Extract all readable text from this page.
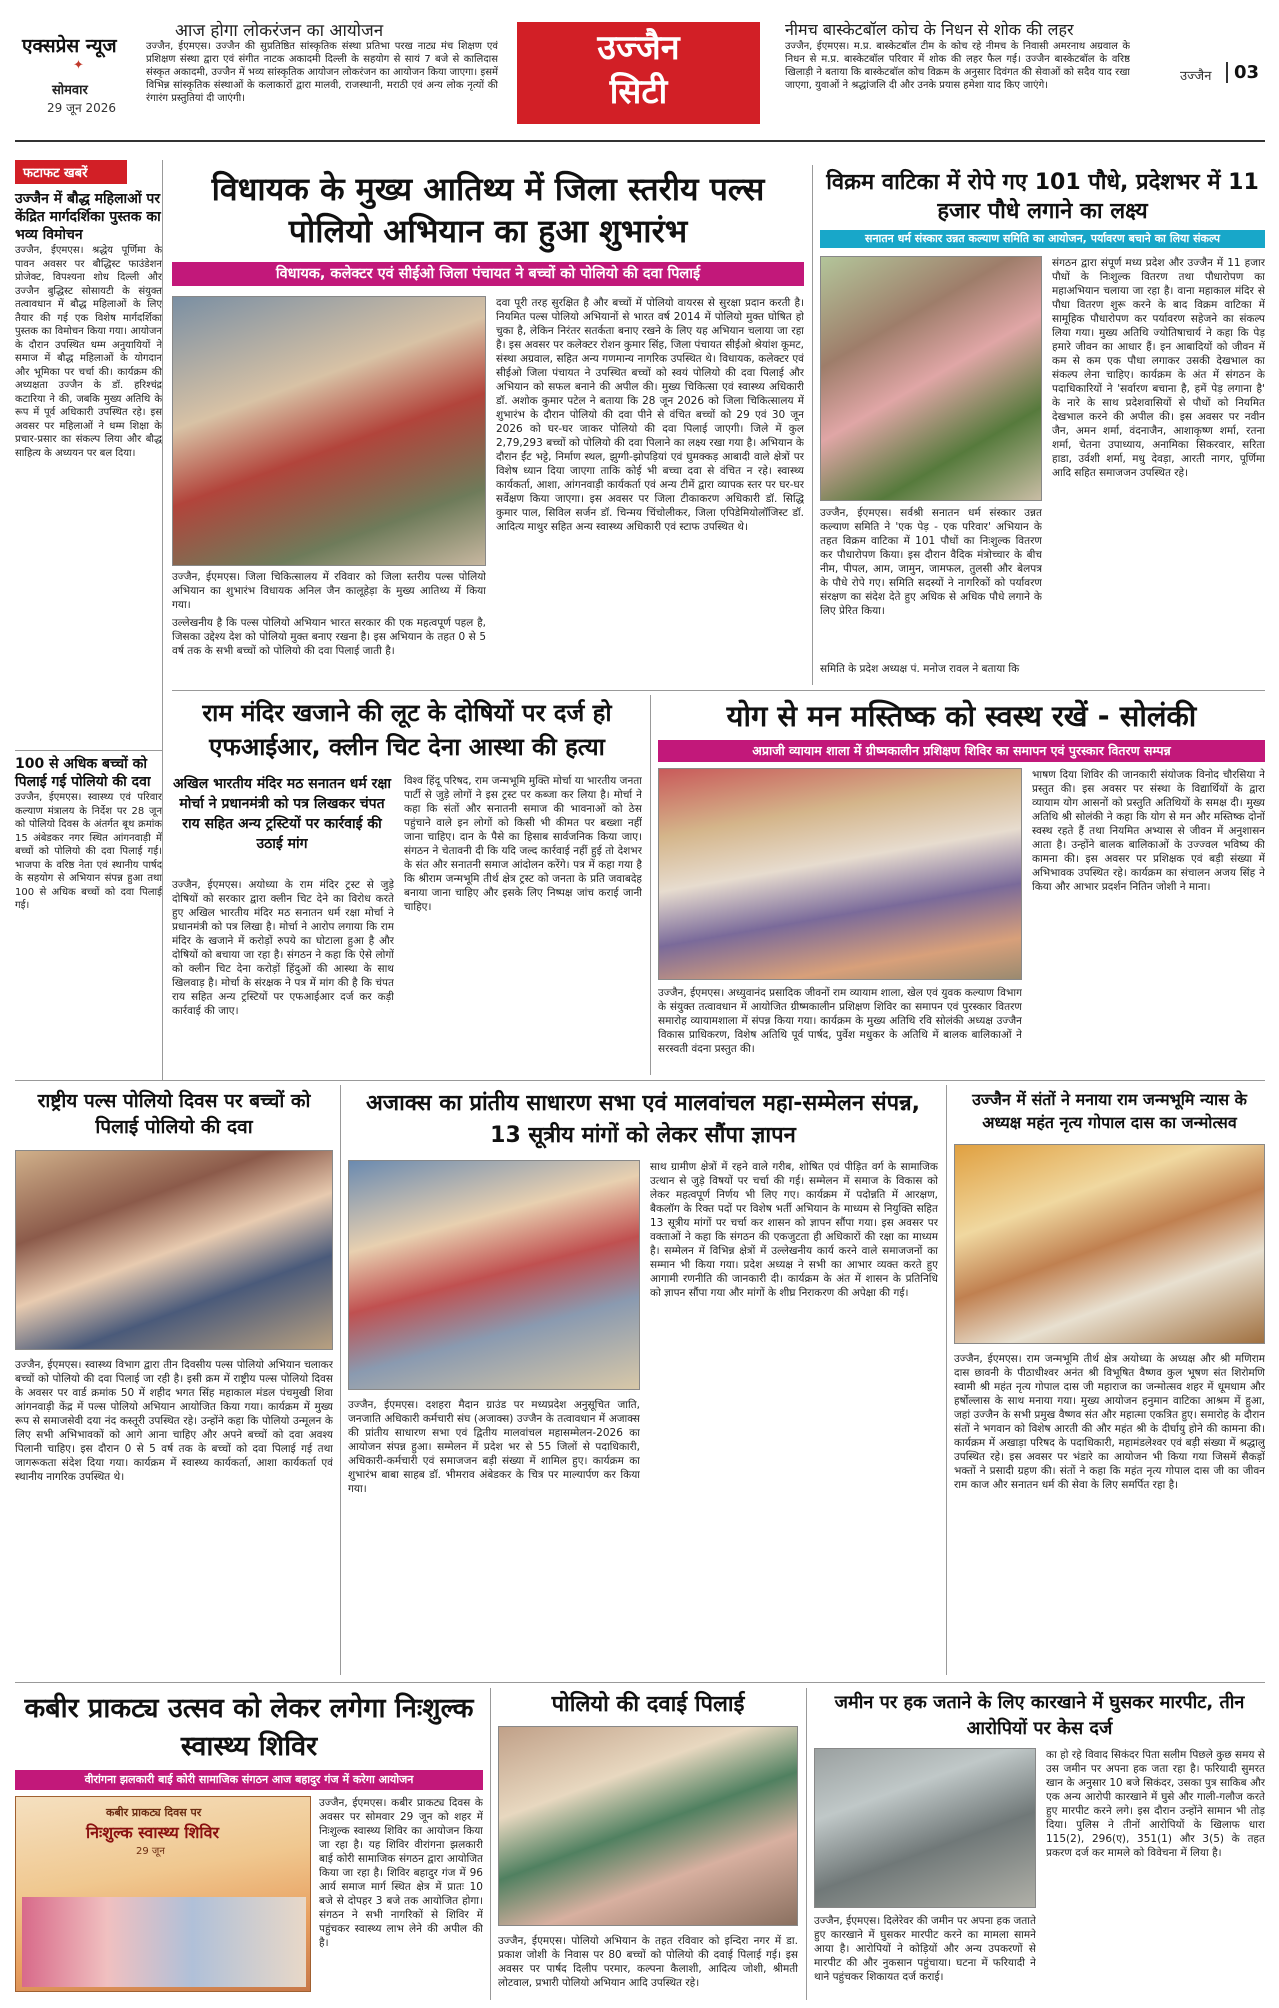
एक्सप्रेस न्यूज
✦
सोमवार
29 जून 2026
आज होगा लोकरंजन का आयोजन
उज्जैन, ईएमएस। उज्जैन की सुप्रतिष्ठित सांस्कृतिक संस्था प्रतिभा परख नाट्य मंच शिक्षण एवं प्रशिक्षण संस्था द्वारा एवं संगीत नाटक अकादमी दिल्ली के सहयोग से सायं 7 बजे से कालिदास संस्कृत अकादमी, उज्जैन में भव्य सांस्कृतिक आयोजन लोकरंजन का आयोजन किया जाएगा। इसमें विभिन्न सांस्कृतिक संस्थाओं के कलाकारों द्वारा मालवी, राजस्थानी, मराठी एवं अन्य लोक नृत्यों की रंगारंग प्रस्तुतियां दी जाएंगी।
उज्जैन
सिटी
नीमच बास्केटबॉल कोच के निधन से शोक की लहर
उज्जैन, ईएमएस। म.प्र. बास्केटबॉल टीम के कोच रहे नीमच के निवासी अमरनाथ अग्रवाल के निधन से म.प्र. बास्केटबॉल परिवार में शोक की लहर फैल गई। उज्जैन बास्केटबॉल के वरिष्ठ खिलाड़ी ने बताया कि बास्केटबॉल कोच विक्रम के अनुसार दिवंगत की सेवाओं को सदैव याद रखा जाएगा, युवाओं ने श्रद्धांजलि दी और उनके प्रयास हमेशा याद किए जाएंगे।
उज्जैन	03
फटाफट खबरें
उज्जैन में बौद्ध महिलाओं पर केंद्रित मार्गदर्शिका पुस्तक का भव्य विमोचन
उज्जैन, ईएमएस। श्रद्धेय पूर्णिमा के पावन अवसर पर बौद्धिस्ट फाउंडेशन प्रोजेक्ट, विपश्यना शोध दिल्ली और उज्जैन बुद्धिस्ट सोसायटी के संयुक्त तत्वावधान में बौद्ध महिलाओं के लिए तैयार की गई एक विशेष मार्गदर्शिका पुस्तक का विमोचन किया गया। आयोजन के दौरान उपस्थित धम्म अनुयायियों ने समाज में बौद्ध महिलाओं के योगदान और भूमिका पर चर्चा की। कार्यक्रम की अध्यक्षता उज्जैन के डॉ. हरिश्चंद्र कटारिया ने की, जबकि मुख्य अतिथि के रूप में पूर्व अधिकारी उपस्थित रहे। इस अवसर पर महिलाओं ने धम्म शिक्षा के प्रचार-प्रसार का संकल्प लिया और बौद्ध साहित्य के अध्ययन पर बल दिया।
100 से अधिक बच्चों को पिलाई गई पोलियो की दवा
उज्जैन, ईएमएस। स्वास्थ्य एवं परिवार कल्याण मंत्रालय के निर्देश पर 28 जून को पोलियो दिवस के अंतर्गत बूथ क्रमांक 15 अंबेडकर नगर स्थित आंगनवाड़ी में बच्चों को पोलियो की दवा पिलाई गई। भाजपा के वरिष्ठ नेता एवं स्थानीय पार्षद के सहयोग से अभियान संपन्न हुआ तथा 100 से अधिक बच्चों को दवा पिलाई गई।
विधायक के मुख्य आतिथ्य में जिला स्तरीय पल्स पोलियो अभियान का हुआ शुभारंभ
विधायक, कलेक्टर एवं सीईओ जिला पंचायत ने बच्चों को पोलियो की दवा पिलाई
उज्जैन, ईएमएस। जिला चिकित्सालय में रविवार को जिला स्तरीय पल्स पोलियो अभियान का शुभारंभ विधायक अनिल जैन कालूहेड़ा के मुख्य आतिथ्य में किया गया।
उल्लेखनीय है कि पल्स पोलियो अभियान भारत सरकार की एक महत्वपूर्ण पहल है, जिसका उद्देश्य देश को पोलियो मुक्त बनाए रखना है। इस अभियान के तहत 0 से 5 वर्ष तक के सभी बच्चों को पोलियो की दवा पिलाई जाती है।
दवा पूरी तरह सुरक्षित है और बच्चों में पोलियो वायरस से सुरक्षा प्रदान करती है। नियमित पल्स पोलियो अभियानों से भारत वर्ष 2014 में पोलियो मुक्त घोषित हो चुका है, लेकिन निरंतर सतर्कता बनाए रखने के लिए यह अभियान चलाया जा रहा है। इस अवसर पर कलेक्टर रोशन कुमार सिंह, जिला पंचायत सीईओ श्रेयांश कूमट, संस्था अग्रवाल, सहित अन्य गणमान्य नागरिक उपस्थित थे। विधायक, कलेक्टर एवं सीईओ जिला पंचायत ने उपस्थित बच्चों को स्वयं पोलियो की दवा पिलाई और अभियान को सफल बनाने की अपील की। मुख्य चिकित्सा एवं स्वास्थ्य अधिकारी डॉ. अशोक कुमार पटेल ने बताया कि 28 जून 2026 को जिला चिकित्सालय में शुभारंभ के दौरान पोलियो की दवा पीने से वंचित बच्चों को 29 एवं 30 जून 2026 को घर-घर जाकर पोलियो की दवा पिलाई जाएगी। जिले में कुल 2,79,293 बच्चों को पोलियो की दवा पिलाने का लक्ष्य रखा गया है। अभियान के दौरान ईंट भट्टे, निर्माण स्थल, झुग्गी-झोपड़ियां एवं घुमक्कड़ आबादी वाले क्षेत्रों पर विशेष ध्यान दिया जाएगा ताकि कोई भी बच्चा दवा से वंचित न रहे। स्वास्थ्य कार्यकर्ता, आशा, आंगनवाड़ी कार्यकर्ता एवं अन्य टीमें द्वारा व्यापक स्तर पर घर-घर सर्वेक्षण किया जाएगा। इस अवसर पर जिला टीकाकरण अधिकारी डॉ. सिद्धि कुमार पाल, सिविल सर्जन डॉ. चिन्मय चिंचोलीकर, जिला एपिडेमियोलॉजिस्ट डॉ. आदित्य माथुर सहित अन्य स्वास्थ्य अधिकारी एवं स्टाफ उपस्थित थे।
विक्रम वाटिका में रोपे गए 101 पौधे, प्रदेशभर में 11 हजार पौधे लगाने का लक्ष्य
सनातन धर्म संस्कार उन्नत कल्याण समिति का आयोजन, पर्यावरण बचाने का लिया संकल्प
उज्जैन, ईएमएस। सर्वश्री सनातन धर्म संस्कार उन्नत कल्याण समिति ने 'एक पेड़ - एक परिवार' अभियान के तहत विक्रम वाटिका में 101 पौधों का निःशुल्क वितरण कर पौधारोपण किया। इस दौरान वैदिक मंत्रोच्चार के बीच नीम, पीपल, आम, जामुन, जामफल, तुलसी और बेलपत्र के पौधे रोपे गए। समिति सदस्यों ने नागरिकों को पर्यावरण संरक्षण का संदेश देते हुए अधिक से अधिक पौधे लगाने के लिए प्रेरित किया।
समिति के प्रदेश अध्यक्ष पं. मनोज रावल ने बताया कि
संगठन द्वारा संपूर्ण मध्य प्रदेश और उज्जैन में 11 हजार पौधों के निःशुल्क वितरण तथा पौधारोपण का महाअभियान चलाया जा रहा है। वाना महाकाल मंदिर से पौधा वितरण शुरू करने के बाद विक्रम वाटिका में सामूहिक पौधारोपण कर पर्यावरण सहेजने का संकल्प लिया गया। मुख्य अतिथि ज्योतिषाचार्य ने कहा कि पेड़ हमारे जीवन का आधार हैं। इन आबादियों को जीवन में कम से कम एक पौधा लगाकर उसकी देखभाल का संकल्प लेना चाहिए। कार्यक्रम के अंत में संगठन के पदाधिकारियों ने 'सर्वारण बचाना है, हमें पेड़ लगाना है' के नारे के साथ प्रदेशवासियों से पौधों को नियमित देखभाल करने की अपील की। इस अवसर पर नवीन जैन, अमन शर्मा, वंदनाजैन, आशाकृष्ण शर्मा, रतना शर्मा, चेतना उपाध्याय, अनामिका सिकरवार, सरिता हाडा, उर्वशी शर्मा, मधु देवड़ा, आरती नागर, पूर्णिमा आदि सहित समाजजन उपस्थित रहे।
राम मंदिर खजाने की लूट के दोषियों पर दर्ज हो एफआईआर, क्लीन चिट देना आस्था की हत्या
अखिल भारतीय मंदिर मठ सनातन धर्म रक्षा मोर्चा ने प्रधानमंत्री को पत्र लिखकर चंपत राय सहित अन्य ट्रस्टियों पर कार्रवाई की उठाई मांग
उज्जैन, ईएमएस। अयोध्या के राम मंदिर ट्रस्ट से जुड़े दोषियों को सरकार द्वारा क्लीन चिट देने का विरोध करते हुए अखिल भारतीय मंदिर मठ सनातन धर्म रक्षा मोर्चा ने प्रधानमंत्री को पत्र लिखा है। मोर्चा ने आरोप लगाया कि राम मंदिर के खजाने में करोड़ों रुपये का घोटाला हुआ है और दोषियों को बचाया जा रहा है। संगठन ने कहा कि ऐसे लोगों को क्लीन चिट देना करोड़ों हिंदुओं की आस्था के साथ खिलवाड़ है। मोर्चा के संरक्षक ने पत्र में मांग की है कि चंपत राय सहित अन्य ट्रस्टियों पर एफआईआर दर्ज कर कड़ी कार्रवाई की जाए।
विश्व हिंदू परिषद, राम जन्मभूमि मुक्ति मोर्चा या भारतीय जनता पार्टी से जुड़े लोगों ने इस ट्रस्ट पर कब्जा कर लिया है। मोर्चा ने कहा कि संतों और सनातनी समाज की भावनाओं को ठेस पहुंचाने वाले इन लोगों को किसी भी कीमत पर बख्शा नहीं जाना चाहिए। दान के पैसे का हिसाब सार्वजनिक किया जाए। संगठन ने चेतावनी दी कि यदि जल्द कार्रवाई नहीं हुई तो देशभर के संत और सनातनी समाज आंदोलन करेंगे। पत्र में कहा गया है कि श्रीराम जन्मभूमि तीर्थ क्षेत्र ट्रस्ट को जनता के प्रति जवाबदेह बनाया जाना चाहिए और इसके लिए निष्पक्ष जांच कराई जानी चाहिए।
योग से मन मस्तिष्क को स्वस्थ रखें - सोलंकी
अप्राजी व्यायाम शाला में ग्रीष्मकालीन प्रशिक्षण शिविर का समापन एवं पुरस्कार वितरण सम्पन्न
उज्जैन, ईएमएस। अध्युवानंद प्रसादिक जीवनों राम व्यायाम शाला, खेल एवं युवक कल्याण विभाग के संयुक्त तत्वावधान में आयोजित ग्रीष्मकालीन प्रशिक्षण शिविर का समापन एवं पुरस्कार वितरण समारोह व्यायामशाला में संपन्न किया गया। कार्यक्रम के मुख्य अतिथि रवि सोलंकी अध्यक्ष उज्जैन विकास प्राधिकरण, विशेष अतिथि पूर्व पार्षद, पुर्वेश मधुकर के अतिथि में बालक बालिकाओं ने सरस्वती वंदना प्रस्तुत की।
भाषण दिया शिविर की जानकारी संयोजक विनोद चौरसिया ने प्रस्तुत की। इस अवसर पर संस्था के विद्यार्थियों के द्वारा व्यायाम योग आसनों को प्रस्तुति अतिथियों के समक्ष दी। मुख्य अतिथि श्री सोलंकी ने कहा कि योग से मन और मस्तिष्क दोनों स्वस्थ रहते हैं तथा नियमित अभ्यास से जीवन में अनुशासन आता है। उन्होंने बालक बालिकाओं के उज्ज्वल भविष्य की कामना की। इस अवसर पर प्रशिक्षक एवं बड़ी संख्या में अभिभावक उपस्थित रहे। कार्यक्रम का संचालन अजय सिंह ने किया और आभार प्रदर्शन नितिन जोशी ने माना।
राष्ट्रीय पल्स पोलियो दिवस पर बच्चों को पिलाई पोलियो की दवा
उज्जैन, ईएमएस। स्वास्थ्य विभाग द्वारा तीन दिवसीय पल्स पोलियो अभियान चलाकर बच्चों को पोलियो की दवा पिलाई जा रही है। इसी क्रम में राष्ट्रीय पल्स पोलियो दिवस के अवसर पर वार्ड क्रमांक 50 में शहीद भगत सिंह महाकाल मंडल पंचमुखी शिवा आंगनवाड़ी केंद्र में पल्स पोलियो अभियान आयोजित किया गया। कार्यक्रम में मुख्य रूप से समाजसेवी दया नंद कस्तूरी उपस्थित रहे। उन्होंने कहा कि पोलियो उन्मूलन के लिए सभी अभिभावकों को आगे आना चाहिए और अपने बच्चों को दवा अवश्य पिलानी चाहिए। इस दौरान 0 से 5 वर्ष तक के बच्चों को दवा पिलाई गई तथा जागरूकता संदेश दिया गया। कार्यक्रम में स्वास्थ्य कार्यकर्ता, आशा कार्यकर्ता एवं स्थानीय नागरिक उपस्थित थे।
अजाक्स का प्रांतीय साधारण सभा एवं मालवांचल महा-सम्मेलन संपन्न, 13 सूत्रीय मांगों को लेकर सौंपा ज्ञापन
उज्जैन, ईएमएस। दशहरा मैदान ग्राउंड पर मध्यप्रदेश अनुसूचित जाति, जनजाति अधिकारी कर्मचारी संघ (अजाक्स) उज्जैन के तत्वावधान में अजाक्स की प्रांतीय साधारण सभा एवं द्वितीय मालवांचल महासम्मेलन-2026 का आयोजन संपन्न हुआ। सम्मेलन में प्रदेश भर से 55 जिलों से पदाधिकारी, अधिकारी-कर्मचारी एवं समाजजन बड़ी संख्या में शामिल हुए। कार्यक्रम का शुभारंभ बाबा साहब डॉ. भीमराव अंबेडकर के चित्र पर माल्यार्पण कर किया गया।
साथ ग्रामीण क्षेत्रों में रहने वाले गरीब, शोषित एवं पीड़ित वर्ग के सामाजिक उत्थान से जुड़े विषयों पर चर्चा की गई। सम्मेलन में समाज के विकास को लेकर महत्वपूर्ण निर्णय भी लिए गए। कार्यक्रम में पदोन्नति में आरक्षण, बैकलॉग के रिक्त पदों पर विशेष भर्ती अभियान के माध्यम से नियुक्ति सहित 13 सूत्रीय मांगों पर चर्चा कर शासन को ज्ञापन सौंपा गया। इस अवसर पर वक्ताओं ने कहा कि संगठन की एकजुटता ही अधिकारों की रक्षा का माध्यम है। सम्मेलन में विभिन्न क्षेत्रों में उल्लेखनीय कार्य करने वाले समाजजनों का सम्मान भी किया गया। प्रदेश अध्यक्ष ने सभी का आभार व्यक्त करते हुए आगामी रणनीति की जानकारी दी। कार्यक्रम के अंत में शासन के प्रतिनिधि को ज्ञापन सौंपा गया और मांगों के शीघ्र निराकरण की अपेक्षा की गई।
उज्जैन में संतों ने मनाया राम जन्मभूमि न्यास के अध्यक्ष महंत नृत्य गोपाल दास का जन्मोत्सव
उज्जैन, ईएमएस। राम जन्मभूमि तीर्थ क्षेत्र अयोध्या के अध्यक्ष और श्री मणिराम दास छावनी के पीठाधीश्वर अनंत श्री विभूषित वैष्णव कुल भूषण संत शिरोमणि स्वामी श्री महंत नृत्य गोपाल दास जी महाराज का जन्मोत्सव शहर में धूमधाम और हर्षोल्लास के साथ मनाया गया। मुख्य आयोजन हनुमान वाटिका आश्रम में हुआ, जहां उज्जैन के सभी प्रमुख वैष्णव संत और महात्मा एकत्रित हुए। समारोह के दौरान संतों ने भगवान को विशेष आरती की और महंत श्री के दीर्घायु होने की कामना की। कार्यक्रम में अखाड़ा परिषद के पदाधिकारी, महामंडलेश्वर एवं बड़ी संख्या में श्रद्धालु उपस्थित रहे। इस अवसर पर भंडारे का आयोजन भी किया गया जिसमें सैकड़ों भक्तों ने प्रसादी ग्रहण की। संतों ने कहा कि महंत नृत्य गोपाल दास जी का जीवन राम काज और सनातन धर्म की सेवा के लिए समर्पित रहा है।
कबीर प्राकट्य उत्सव को लेकर लगेगा निःशुल्क स्वास्थ्य शिविर
वीरांगना झलकारी बाई कोरी सामाजिक संगठन आज बहादुर गंज में करेगा आयोजन
कबीर प्राकट्य दिवस पर
निःशुल्क स्वास्थ्य शिविर
29 जून
उज्जैन, ईएमएस। कबीर प्राकट्य दिवस के अवसर पर सोमवार 29 जून को शहर में निःशुल्क स्वास्थ्य शिविर का आयोजन किया जा रहा है। यह शिविर वीरांगना झलकारी बाई कोरी सामाजिक संगठन द्वारा आयोजित किया जा रहा है। शिविर बहादुर गंज में 96 आर्य समाज मार्ग स्थित क्षेत्र में प्रातः 10 बजे से दोपहर 3 बजे तक आयोजित होगा। संगठन ने सभी नागरिकों से शिविर में पहुंचकर स्वास्थ्य लाभ लेने की अपील की है।
पोलियो की दवाई पिलाई
उज्जैन, ईएमएस। पोलियो अभियान के तहत रविवार को इन्दिरा नगर में डा. प्रकाश जोशी के निवास पर 80 बच्चों को पोलियो की दवाई पिलाई गई। इस अवसर पर पार्षद दिलीप परमार, कल्पना कैलाशी, आदित्य जोशी, श्रीमती लोटवाल, प्रभारी पोलियो अभियान आदि उपस्थित रहे।
जमीन पर हक जताने के लिए कारखाने में घुसकर मारपीट, तीन आरोपियों पर केस दर्ज
उज्जैन, ईएमएस। दिलेरेवर की जमीन पर अपना हक जताते हुए कारखाने में घुसकर मारपीट करने का मामला सामने आया है। आरोपियों ने कोड़ियों और अन्य उपकरणों से मारपीट की और नुकसान पहुंचाया। घटना में फरियादी ने थाने पहुंचकर शिकायत दर्ज कराई।
का हो रहे विवाद सिकंदर पिता सलीम पिछले कुछ समय से उस जमीन पर अपना हक जता रहा है। फरियादी सुमरत खान के अनुसार 10 बजे सिकंदर, उसका पुत्र साकिब और एक अन्य आरोपी कारखाने में घुसे और गाली-गलौज करते हुए मारपीट करने लगे। इस दौरान उन्होंने सामान भी तोड़ दिया। पुलिस ने तीनों आरोपियों के खिलाफ धारा 115(2), 296(ए), 351(1) और 3(5) के तहत प्रकरण दर्ज कर मामले को विवेचना में लिया है।
